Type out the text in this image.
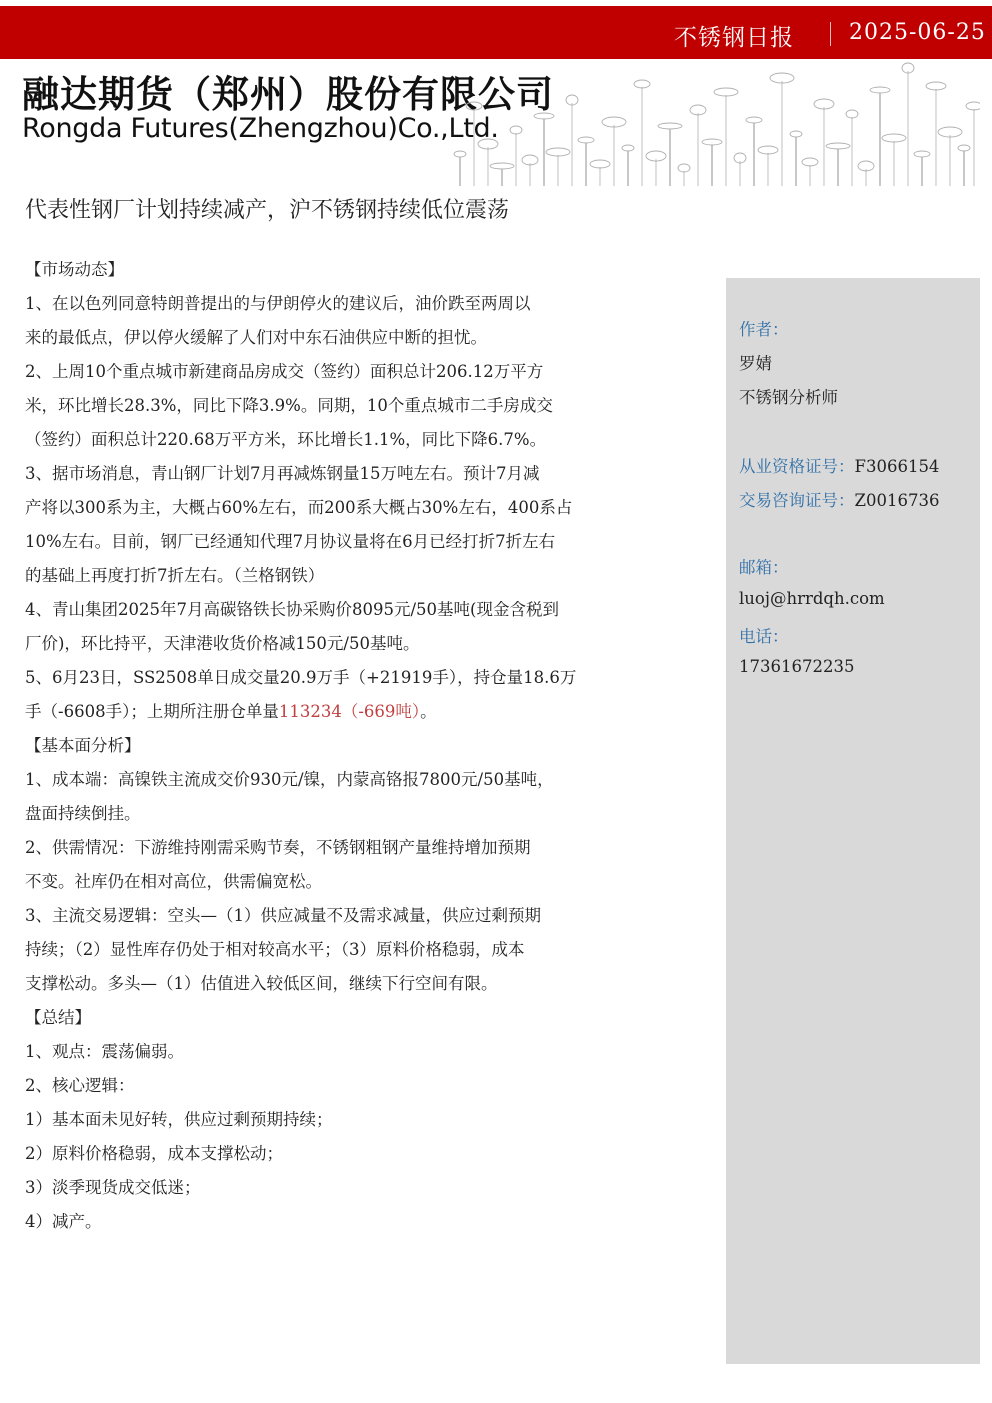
不锈钢日报	2025-06-25
融达期货（郑州）股份有限公司
Rongda Futures(Zhengzhou)Co.,Ltd.
代表性钢厂计划持续减产，沪不锈钢持续低位震荡
【市场动态】
1、在以色列同意特朗普提出的与伊朗停火的建议后，油价跌至两周以
来的最低点，伊以停火缓解了人们对中东石油供应中断的担忧。
2、上周10个重点城市新建商品房成交（签约）面积总计206.12万平方
米，环比增长28.3%，同比下降3.9%。同期，10个重点城市二手房成交
（签约）面积总计220.68万平方米，环比增长1.1%，同比下降6.7%。
3、据市场消息，青山钢厂计划7月再减炼钢量15万吨左右。预计7月减
产将以300系为主，大概占60%左右，而200系大概占30%左右，400系占
10%左右。目前，钢厂已经通知代理7月协议量将在6月已经打折7折左右
的基础上再度打折7折左右。（兰格钢铁）
4、青山集团2025年7月高碳铬铁长协采购价8095元/50基吨(现金含税到
厂价)，环比持平，天津港收货价格减150元/50基吨。
5、6月23日，SS2508单日成交量20.9万手（+21919手），持仓量18.6万
手（-6608手）；上期所注册仓单量113234（-669吨）。
【基本面分析】
1、成本端：高镍铁主流成交价930元/镍，内蒙高铬报7800元/50基吨，
盘面持续倒挂。
2、供需情况：下游维持刚需采购节奏，不锈钢粗钢产量维持增加预期
不变。社库仍在相对高位，供需偏宽松。
3、主流交易逻辑：空头—（1）供应减量不及需求减量，供应过剩预期
持续；（2）显性库存仍处于相对较高水平；（3）原料价格稳弱，成本
支撑松动。多头—（1）估值进入较低区间，继续下行空间有限。
【总结】
1、观点：震荡偏弱。
2、核心逻辑：
1）基本面未见好转，供应过剩预期持续；
2）原料价格稳弱，成本支撑松动；
3）淡季现货成交低迷；
4）减产。
作者：
罗婧
不锈钢分析师
从业资格证号：F3066154
交易咨询证号：Z0016736
邮箱：
luoj@hrrdqh.com
电话：
17361672235
